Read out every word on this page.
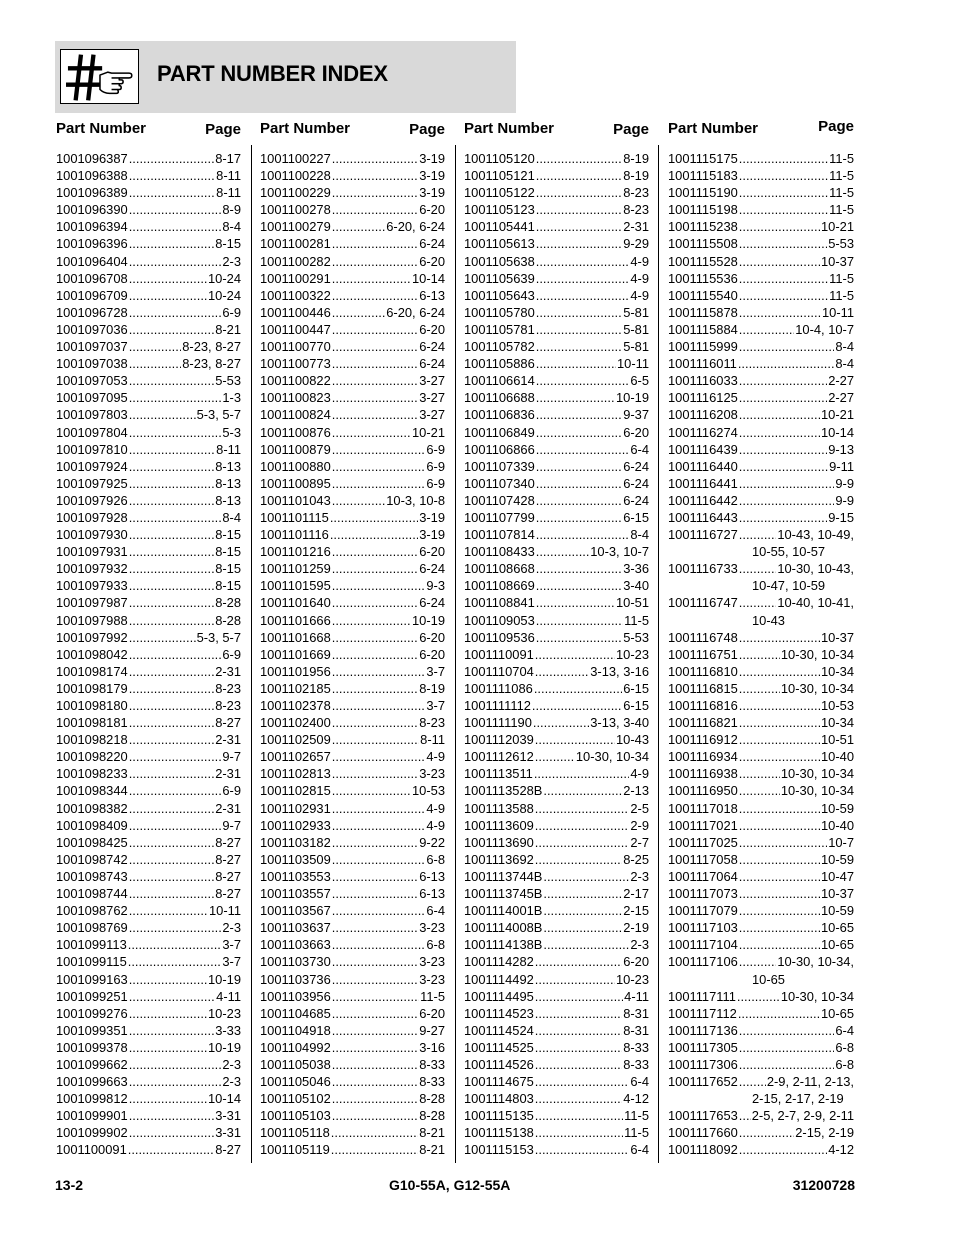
PART NUMBER INDEX
Part Number	Page
1001096387 .....	8-17
1001096388 .....	8-11
1001096389 .....	8-11
1001096390 .....	8-9
1001096394 .....	8-4
1001096396 .....	8-15
1001096404 .....	2-3
1001096708 .....	10-24
1001096709 .....	10-24
1001096728 .....	6-9
1001097036 .....	8-21
1001097037 .....	8-23, 8-27
1001097038 .....	8-23, 8-27
1001097053 .....	5-53
1001097095 .....	1-3
1001097803 .....	5-3, 5-7
1001097804 .....	5-3
1001097810 .....	8-11
1001097924 .....	8-13
1001097925 .....	8-13
1001097926 .....	8-13
1001097928 .....	8-4
1001097930 .....	8-15
1001097931 .....	8-15
1001097932 .....	8-15
1001097933 .....	8-15
1001097987 .....	8-28
1001097988 .....	8-28
1001097992 .....	5-3, 5-7
1001098042 .....	6-9
1001098174 .....	2-31
1001098179 .....	8-23
1001098180 .....	8-23
1001098181 .....	8-27
1001098218 .....	2-31
1001098220 .....	9-7
1001098233 .....	2-31
1001098344 .....	6-9
1001098382 .....	2-31
1001098409 .....	9-7
1001098425 .....	8-27
1001098742 .....	8-27
1001098743 .....	8-27
1001098744 .....	8-27
1001098762 .....	10-11
1001098769 .....	2-3
1001099113 .....	3-7
1001099115 .....	3-7
1001099163 .....	10-19
1001099251 .....	4-11
1001099276 .....	10-23
1001099351 .....	3-33
1001099378 .....	10-19
1001099662 .....	2-3
1001099663 .....	2-3
1001099812 .....	10-14
1001099901 .....	3-31
1001099902 .....	3-31
1001100091 .....	8-27
Part Number	Page
1001100227 .....	3-19
1001100228 .....	3-19
1001100229 .....	3-19
1001100278 .....	6-20
1001100279 .....	6-20, 6-24
1001100281 .....	6-24
1001100282 .....	6-20
1001100291 .....	10-14
1001100322 .....	6-13
1001100446 .....	6-20, 6-24
1001100447 .....	6-20
1001100770 .....	6-24
1001100773 .....	6-24
1001100822 .....	3-27
1001100823 .....	3-27
1001100824 .....	3-27
1001100876 .....	10-21
1001100879 .....	6-9
1001100880 .....	6-9
1001100895 .....	6-9
1001101043 .....	10-3, 10-8
1001101115 .....	3-19
1001101116 .....	3-19
1001101216 .....	6-20
1001101259 .....	6-24
1001101595 .....	9-3
1001101640 .....	6-24
1001101666 .....	10-19
1001101668 .....	6-20
1001101669 .....	6-20
1001101956 .....	3-7
1001102185 .....	8-19
1001102378 .....	3-7
1001102400 .....	8-23
1001102509 .....	8-11
1001102657 .....	4-9
1001102813 .....	3-23
1001102815 .....	10-53
1001102931 .....	4-9
1001102933 .....	4-9
1001103182 .....	9-22
1001103509 .....	6-8
1001103553 .....	6-13
1001103557 .....	6-13
1001103567 .....	6-4
1001103637 .....	3-23
1001103663 .....	6-8
1001103730 .....	3-23
1001103736 .....	3-23
1001103956 .....	11-5
1001104685 .....	6-20
1001104918 .....	9-27
1001104992 .....	3-16
1001105038 .....	8-33
1001105046 .....	8-33
1001105102 .....	8-28
1001105103 .....	8-28
1001105118 .....	8-21
1001105119 .....	8-21
Part Number	Page
1001105120 .....	8-19
1001105121 .....	8-19
1001105122 .....	8-23
1001105123 .....	8-23
1001105441 .....	2-31
1001105613 .....	9-29
1001105638 .....	4-9
1001105639 .....	4-9
1001105643 .....	4-9
1001105780 .....	5-81
1001105781 .....	5-81
1001105782 .....	5-81
1001105886 .....	10-11
1001106614 .....	6-5
1001106688 .....	10-19
1001106836 .....	9-37
1001106849 .....	6-20
1001106866 .....	6-4
1001107339 .....	6-24
1001107340 .....	6-24
1001107428 .....	6-24
1001107799 .....	6-15
1001107814 .....	8-4
1001108433 .....	10-3, 10-7
1001108668 .....	3-36
1001108669 .....	3-40
1001108841 .....	10-51
1001109053 .....	11-5
1001109536 .....	5-53
1001110091 .....	10-23
1001110704 .....	3-13, 3-16
1001111086 .....	6-15
1001111112 .....	6-15
1001111190 .....	3-13, 3-40
1001112039 .....	10-43
1001112612 .....	10-30, 10-34
1001113511 .....	4-9
1001113528B .....	2-13
1001113588 .....	2-5
1001113609 .....	2-9
1001113690 .....	2-7
1001113692 .....	8-25
1001113744B .....	2-3
1001113745B .....	2-17
1001114001B .....	2-15
1001114008B .....	2-19
1001114138B .....	2-3
1001114282 .....	6-20
1001114492 .....	10-23
1001114495 .....	4-11
1001114523 .....	8-31
1001114524 .....	8-31
1001114525 .....	8-33
1001114526 .....	8-33
1001114675 .....	6-4
1001114803 .....	4-12
1001115135 .....	11-5
1001115138 .....	11-5
1001115153 .....	6-4
Part Number	Page
1001115175 .....	11-5
1001115183 .....	11-5
1001115190 .....	11-5
1001115198 .....	11-5
1001115238 .....	10-21
1001115508 .....	5-53
1001115528 .....	10-37
1001115536 .....	11-5
1001115540 .....	11-5
1001115878 .....	10-11
1001115884 .....	10-4, 10-7
1001115999 .....	8-4
1001116011 .....	8-4
1001116033 .....	2-27
1001116125 .....	2-27
1001116208 .....	10-21
1001116274 .....	10-14
1001116439 .....	9-13
1001116440 .....	9-11
1001116441 .....	9-9
1001116442 .....	9-9
1001116443 .....	9-15
1001116727 .....	10-43, 10-49,
10-55, 10-57
1001116733 .....	10-30, 10-43,
10-47, 10-59
1001116747 .....	10-40, 10-41,
10-43
1001116748 .....	10-37
1001116751 .....	10-30, 10-34
1001116810 .....	10-34
1001116815 .....	10-30, 10-34
1001116816 .....	10-53
1001116821 .....	10-34
1001116912 .....	10-51
1001116934 .....	10-40
1001116938 .....	10-30, 10-34
1001116950 .....	10-30, 10-34
1001117018 .....	10-59
1001117021 .....	10-40
1001117025 .....	10-7
1001117058 .....	10-59
1001117064 .....	10-47
1001117073 .....	10-37
1001117079 .....	10-59
1001117103 .....	10-65
1001117104 .....	10-65
1001117106 .....	10-30, 10-34,
10-65
1001117111 .....	10-30, 10-34
1001117112 .....	10-65
1001117136 .....	6-4
1001117305 .....	6-8
1001117306 .....	6-8
1001117652 ..... 2-9, 2-11, 2-13,
2-15, 2-17, 2-19
1001117653 ..... 2-5, 2-7, 2-9, 2-11
1001117660 .....	2-15, 2-19
1001118092 .....	4-12
13-2	G10-55A, G12-55A	31200728
